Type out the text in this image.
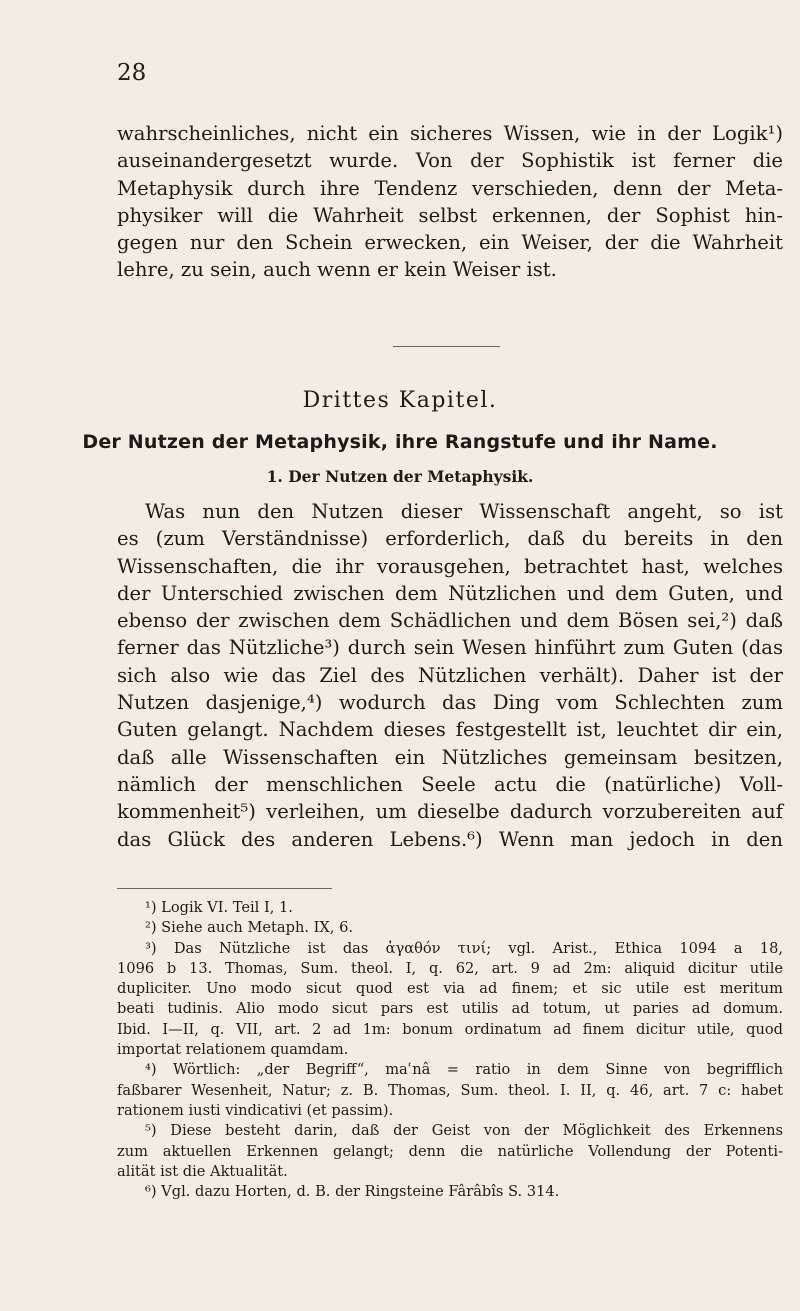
28
wahrscheinliches, nicht ein sicheres Wissen, wie in der Logik¹)
auseinandergesetzt wurde. Von der Sophistik ist ferner die
Metaphysik durch ihre Tendenz verschieden, denn der Meta-
physiker will die Wahrheit selbst erkennen, der Sophist hin-
gegen nur den Schein erwecken, ein Weiser, der die Wahrheit
lehre, zu sein, auch wenn er kein Weiser ist.
Drittes Kapitel.
Der Nutzen der Metaphysik, ihre Rangstufe und ihr Name.
1. Der Nutzen der Metaphysik.
Was nun den Nutzen dieser Wissenschaft angeht, so ist
es (zum Verständnisse) erforderlich, daß du bereits in den
Wissenschaften, die ihr vorausgehen, betrachtet hast, welches
der Unterschied zwischen dem Nützlichen und dem Guten, und
ebenso der zwischen dem Schädlichen und dem Bösen sei,²) daß
ferner das Nützliche³) durch sein Wesen hinführt zum Guten (das
sich also wie das Ziel des Nützlichen verhält). Daher ist der
Nutzen dasjenige,⁴) wodurch das Ding vom Schlechten zum
Guten gelangt. Nachdem dieses festgestellt ist, leuchtet dir ein,
daß alle Wissenschaften ein Nützliches gemeinsam besitzen,
nämlich der menschlichen Seele actu die (natürliche) Voll-
kommenheit⁵) verleihen, um dieselbe dadurch vorzubereiten auf
das Glück des anderen Lebens.⁶) Wenn man jedoch in den
¹) Logik VI. Teil I, 1.
²) Siehe auch Metaph. IX, 6.
³) Das Nützliche ist das ἀγαθόν τινί; vgl. Arist., Ethica 1094 a 18,
1096 b 13. Thomas, Sum. theol. I, q. 62, art. 9 ad 2m: aliquid dicitur utile
dupliciter. Uno modo sicut quod est via ad finem; et sic utile est meritum
beati tudinis. Alio modo sicut pars est utilis ad totum, ut paries ad domum.
Ibid. I—II, q. VII, art. 2 ad 1m: bonum ordinatum ad finem dicitur utile, quod
importat relationem quamdam.
⁴) Wörtlich: „der Begriff“, maʿnâ = ratio in dem Sinne von begrifflich
faßbarer Wesenheit, Natur; z. B. Thomas, Sum. theol. I. II, q. 46, art. 7 c: habet
rationem iusti vindicativi (et passim).
⁵) Diese besteht darin, daß der Geist von der Möglichkeit des Erkennens
zum aktuellen Erkennen gelangt; denn die natürliche Vollendung der Potenti-
alität ist die Aktualität.
⁶) Vgl. dazu Horten, d. B. der Ringsteine Fârâbîs S. 314.
